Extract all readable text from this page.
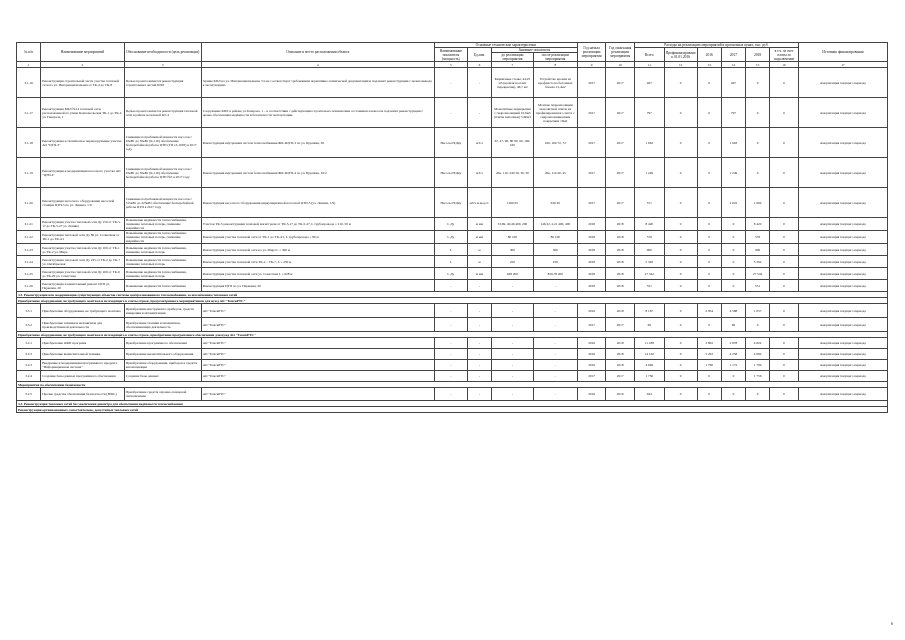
№ п/п	Наименование мероприятий	Обоснование необходимости (цель реализации)	Описание и место расположения объекта	Основные технические характеристики				Год начала реализации мероприятия	Год окончания реализации мероприятия	Расходы на реализацию мероприятий в прогнозных ценах, тыс. руб.						Источник финансирования
				Наименование показателя (мощность)	Ед.изм.	Значение показателя				Всего	Профинансировано к 01.01.2016	2016	2017	2018	в т.ч. за счет платы за подключение	
						до реализации мероприятия	после реализации мероприятия									
1	2	3	4	5	6	7	8	9	10	11	12	13	14	15	16	17
3.1.16	Реконструкция строительной части участка тепловой сети по ул. Интернациональная от ТК-4 до ТК-8	Целью проекта является реконструкция строительных частей КПЛ	Здание КПЛ на ул. Интернациональная, 5/а не соответствует требованиям нормативно-технической документации и подлежит реконструкции с целью вывода в эксплуатацию.	-	-	Кирпичные стены, 44,25 м3 (кровля на плит перекрытие), 46,7 м2	Устройство кровли из профлиста на бетонных блоках 21,4м2	2017	2017	467	0	0	467	0	0	Амортизация текущего периода
3.1.17	Реконструкция КПЛ №14 тепловой сети, расположенной по улице Комсомольская ТК-1 до ТК-4 ул. Генерала, 1	Целью проекта является реконструкция тепловой сети в районе котельной КТ-4	Сооружение КПЛ в районе ул.Генерала, 1 – в соответствии с действующим строительно-техническим состоянием и износом подлежит реконструкции с целью обеспечения надёжности и безопасности эксплуатации.	-	-	Монолитные перекрытия с гидроизоляцией 10,6м3 (плиты неполные) 5,60м3	Монтаж гидроизоляции монолитной плиты из профилированного листа с гидроизоляционным покрытием 10м2	2017	2017	797	0	0	797	0	0	Амортизация текущего периода
3.1.18	Реконструкция и техническое перевооружение участка АО "ЦТП-3"	Снижение потребляемой мощности насосов с 45кВт до 30кВт (К-110) обеспечение бесперебойной работы ЦТП (ТП 13-1093) в 2017 году	Реконструкция внутренних систем теплоснабжения ЖК 4ЦТП-3 по ул. Бурачёва, 30	Насосы Н/Дву	м3/ч	67, 47, 90, 80 90, 90, 160, 160	160, 160 72, 72	2017	2017	1 663	0	0	1 663	0	0	Амортизация текущего периода
3.1.19	Реконструкция и модернизация насосного участка АО "ЦТП-4"	Снижение потребляемой мощности насосов с 45кВт до 30кВт (К-110) обеспечение бесперебойной работы ЦТП №5 в 2017 году	Реконструкция внутренних систем теплоснабжения ЖК 4ЦТП-4 по ул. Бурачёва, 16/2	Насосы Н/Дву	м3/ч	20в, 110, 240 30, 30, 30	20в, 110 40, 45	2017	2017	1 249	0	0	1 249	0	0	Амортизация текущего периода
3.1.20	Реконструкция насосного оборудования насосной станции ЦТП-5 по ул. Ленина, 1/9	Снижение потребляемой мощности насосов с 315кВт до 225кВт обеспечение бесперебойной работы ЦТП в 2017 году	Реконструкция насосного оборудования циркуляционной насосной ЦТП-5 (ул. Ленина, 1/9)	Насосы Н/Дву	м3/ч м.вод.ст.	1260 65	630 65	2017	2017	571	0	0	2 022	1 694	0	Амортизация текущего периода
3.1.21	Реконструкция участка тепловой сети Ду 150 от ТК-5-17 до ТК-5-27 ул. Ленина	Повышение надёжности теплоснабжения, снижение тепловых потерь, снижение аварийности	Участок ТК-5 реконструкция тепловой магистрали от ТК-5-17 до ТК-5-27, L трубопровода = 210, 50 м	L Ду	м мм	53,69, 40,46 400, 200	146,32, 2,21 400, 400	2018	2018	8 420	0	0	0	8 420	0	Амортизация текущего периода
3.1.22	Реконструкция тепловой сети Ду 80 ул. Солнечная от ТК-1 до ТК-4/1	Повышение надёжности теплоснабжения, снижение тепловых потерь, снижение аварийности	Реконструкция участка тепловой сети от ТК-1 до ТК-4/1, L трубопровода = 80 м	L Ду	м мм	80 100	80 100	2018	2018	576	0	0	0	576	0	Амортизация текущего периода
3.1.23	Реконструкция участка тепловой сети Ду 100 от ТК-1 до ТК-2 ул. Мира	Повышение надёжности теплоснабжения, снижение тепловых потерь	Реконструкция участка тепловой сети по ул. Мира L = 300 м	L	м	300	300	2018	2018	900	0	0	0	900	0	Амортизация текущего периода
3.1.24	Реконструкция тепловой сети Ду 225 от ТК-2 до ТК-7 ул. Октябрьская	Повышение надёжности теплоснабжения, снижение тепловых потерь	Реконструкция участка тепловой сети ТК-2 – ТК-7, L = 250 м	L	м	250	250	2018	2018	5 392	0	0	0	5 392	0	Амортизация текущего периода
3.1.25	Реконструкция участка тепловой сети Ду 200 от ТК-9 до ТК-20 ул. Советская	Повышение надёжности теплоснабжения, снижение тепловых потерь	Реконструкция участка тепловой сети ул. Советская L = 628 м	L Ду	м мм	628 200	856,78 200	2018	2018	27 542	0	0	0	27 542	0	Амортизация текущего периода
3.1.26	Реконструкция и капитальный ремонт ЦТП ул. Парковая, 20	Повышение надёжности теплоснабжения	Реконструкция ЦТП по ул. Парковая, 20	-	-	-	-	2018	2018	551	0	0	0	551	0	Амортизация текущего периода
3.3. Реконструкция или модернизация существующих объектов системы централизованного теплоснабжения, за исключением тепловых сетей																
Приобретение оборудования, не требующего монтажа и не входящего в сметы строек, предусмотренного мероприятиями для нужд АО "ТомскРТС"																
3.3.1	Приобретение оборудования, не требующего монтажа	Приобретение инструмента, приборов, средств измерения и автоматизации	АО "ТомскРТС"	-	-	-	-	2016	2018	8 167	0	2 954	4 588	1 057	0	Амортизация текущего периода
3.3.2	Приобретение техники и механизмов для производственной деятельности	Приобретение техники и механизмов, обеспечивающих деятельность	АО "ТомскРТС"	-	-	-	-	2017	2017	69	0	0	69	0	0	Амортизация текущего периода
Приобретение оборудования, не требующего монтажа и не входящего в сметы строек, приобретение программного обеспечения для нужд АО "ТомскРТС"																
3.2.1	Приобретение ОФП программ	Приобретение программного обеспечения	АО "ТомскРТС"	-	-	-	-	2016	2018	11 188	0	3 802	2 878	4 822	0	Амортизация текущего периода
3.2.2	Приобретение вычислительной техники	Приобретение вычислительного оборудования	АО "ТомскРТС"	-	-	-	-	2016	2018	14 162	0	5 202	4 258	4 082	0	Амортизация текущего периода
3.2.3	Внедрение и модернизация программного продукта "Информационная система"	Приобретение оборудования, приборов и средств автоматизации	АО "ТомскРТС"	-	-	-	-	2016	2018	4 649	0	1 760	1 172	1 709	0	Амортизация текущего периода
3.2.4	Создание базы данных программного обеспечения	Создание базы данных	АО "ТомскРТС"	-	-	-	-	2017	2017	1 756	0	0	0	1 756	0	Амортизация текущего периода
Мероприятия по обеспечению безопасности																
3.2.5	Прочие средства обеспечения безопасности (ЗРКС)	Приобретение средств охранно-пожарной сигнализации	АО "ТомскРТС"	-	-	-	-	2016	2016	924	0	0	0	0	0	Амортизация текущего периода
3.3. Реконструкция тепловых сетей без увеличения диаметра для обеспечения надёжности теплоснабжения																
Реконструкция организованных самостоятельно, допустимых тепловых сетей																
6
